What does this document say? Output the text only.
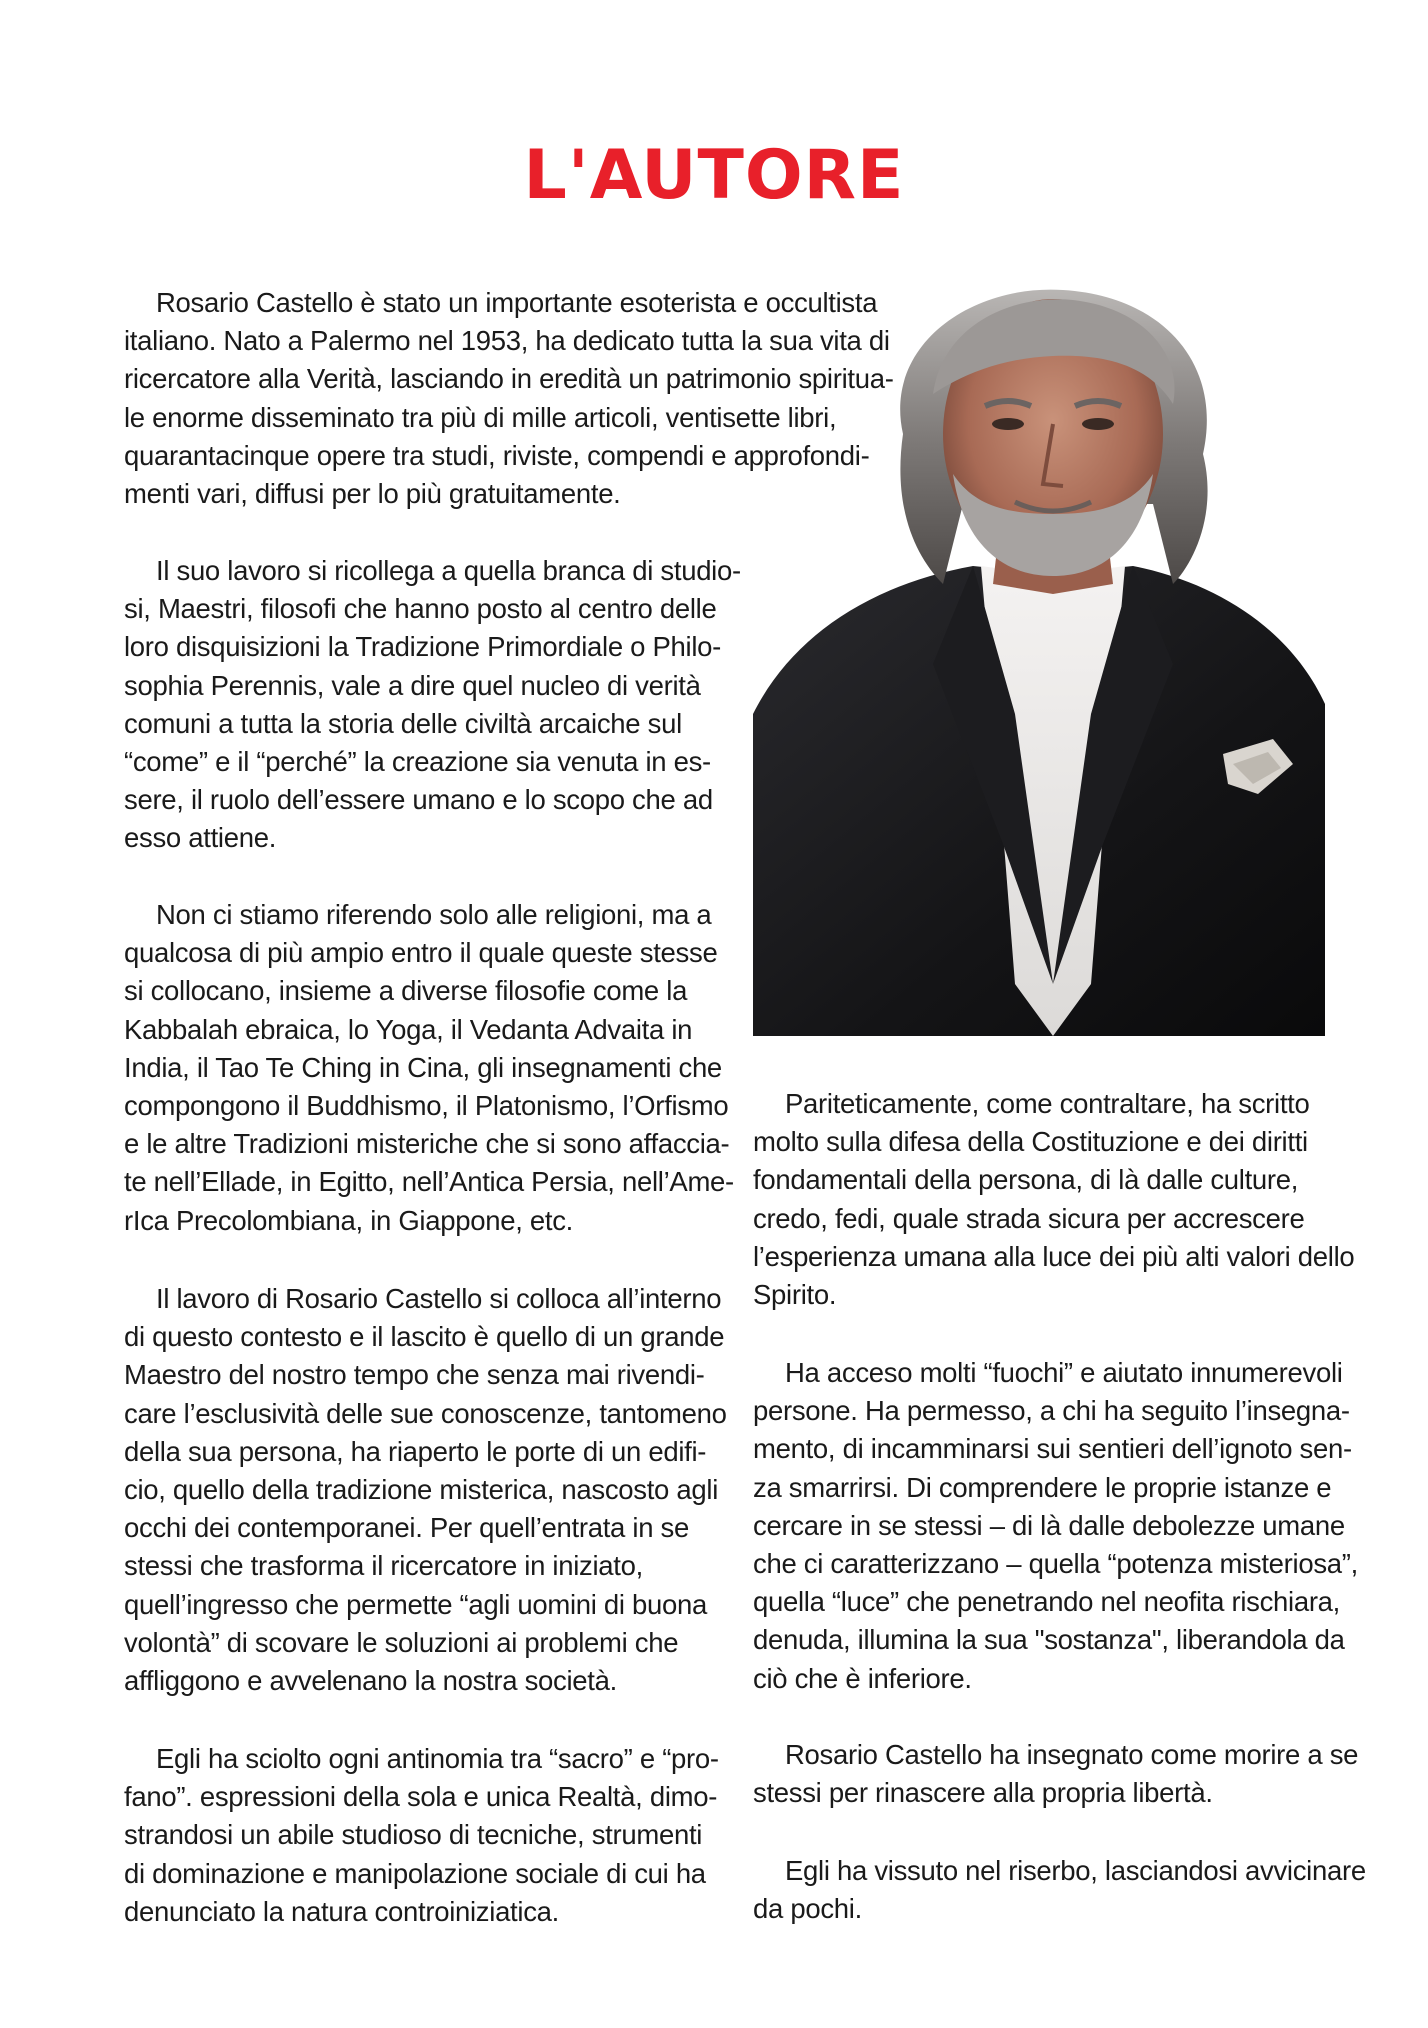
L'AUTORE
Rosario Castello è stato un importante esoterista e occultista
italiano. Nato a Palermo nel 1953, ha dedicato tutta la sua vita di
ricercatore alla Verità, lasciando in eredità un patrimonio spiritua-
le enorme disseminato tra più di mille articoli, ventisette libri,
quarantacinque opere tra studi, riviste, compendi e approfondi-
menti vari, diffusi per lo più gratuitamente.
Il suo lavoro si ricollega a quella branca di studio-
si, Maestri, filosofi che hanno posto al centro delle
loro disquisizioni la Tradizione Primordiale o Philo-
sophia Perennis, vale a dire quel nucleo di verità
comuni a tutta la storia delle civiltà arcaiche sul
“come” e il “perché” la creazione sia venuta in es-
sere, il ruolo dell’essere umano e lo scopo che ad
esso attiene.
Non ci stiamo riferendo solo alle religioni, ma a
qualcosa di più ampio entro il quale queste stesse
si collocano, insieme a diverse filosofie come la
Kabbalah ebraica, lo Yoga, il Vedanta Advaita in
India, il Tao Te Ching in Cina, gli insegnamenti che
compongono il Buddhismo, il Platonismo, l’Orfismo
e le altre Tradizioni misteriche che si sono affaccia-
te nell’Ellade, in Egitto, nell’Antica Persia, nell’Ame-
rIca Precolombiana, in Giappone, etc.
Il lavoro di Rosario Castello si colloca all’interno
di questo contesto e il lascito è quello di un grande
Maestro del nostro tempo che senza mai rivendi-
care l’esclusività delle sue conoscenze, tantomeno
della sua persona, ha riaperto le porte di un edifi-
cio, quello della tradizione misterica, nascosto agli
occhi dei contemporanei. Per quell’entrata in se
stessi che trasforma il ricercatore in iniziato,
quell’ingresso che permette “agli uomini di buona
volontà” di scovare le soluzioni ai problemi che
affliggono e avvelenano la nostra società.
Egli ha sciolto ogni antinomia tra “sacro” e “pro-
fano”. espressioni della sola e unica Realtà, dimo-
strandosi un abile studioso di tecniche, strumenti
di dominazione e manipolazione sociale di cui ha
denunciato la natura controiniziatica.
Pariteticamente, come contraltare, ha scritto
molto sulla difesa della Costituzione e dei diritti
fondamentali della persona, di là dalle culture,
credo, fedi, quale strada sicura per accrescere
l’esperienza umana alla luce dei più alti valori dello
Spirito.
Ha acceso molti “fuochi” e aiutato innumerevoli
persone. Ha permesso, a chi ha seguito l’insegna-
mento, di incamminarsi sui sentieri dell’ignoto sen-
za smarrirsi. Di comprendere le proprie istanze e
cercare in se stessi – di là dalle debolezze umane
che ci caratterizzano – quella “potenza misteriosa”,
quella “luce” che penetrando nel neofita rischiara,
denuda, illumina la sua "sostanza", liberandola da
ciò che è inferiore.
Rosario Castello ha insegnato come morire a se
stessi per rinascere alla propria libertà.
Egli ha vissuto nel riserbo, lasciandosi avvicinare
da pochi.
